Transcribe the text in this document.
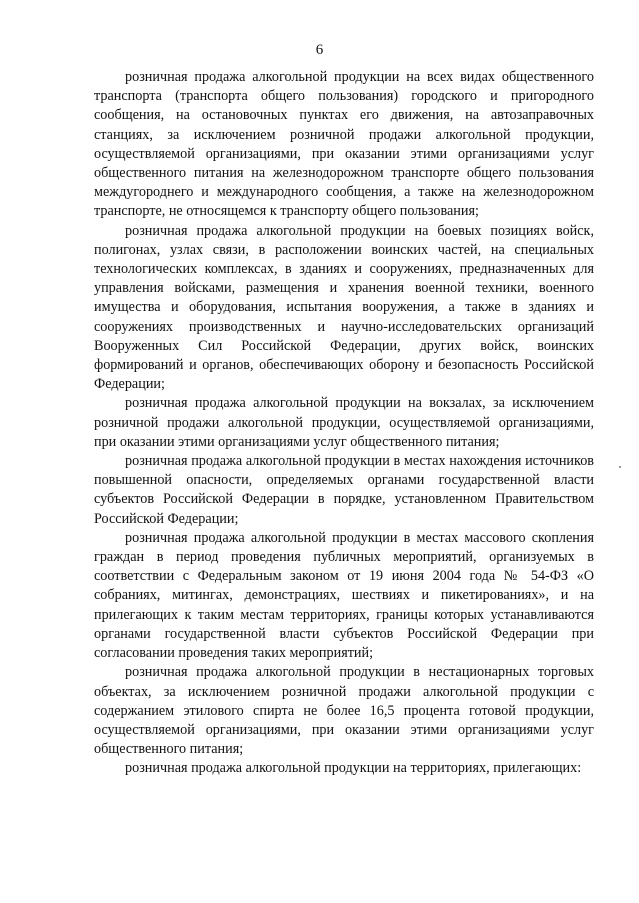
6

розничная продажа алкогольной продукции на всех видах общественного транспорта (транспорта общего пользования) городского и пригородного сообщения, на остановочных пунктах его движения, на автозаправочных станциях, за исключением розничной продажи алкогольной продукции, осуществляемой организациями, при оказании этими организациями услуг общественного питания на железнодорожном транспорте общего пользования междугороднего и международного сообщения, а также на железнодорожном транспорте, не относящемся к транспорту общего пользования;

розничная продажа алкогольной продукции на боевых позициях войск, полигонах, узлах связи, в расположении воинских частей, на специальных технологических комплексах, в зданиях и сооружениях, предназначенных для управления войсками, размещения и хранения военной техники, военного имущества и оборудования, испытания вооружения, а также в зданиях и сооружениях производственных и научно-исследовательских организаций Вооруженных Сил Российской Федерации, других войск, воинских формирований и органов, обеспечивающих оборону и безопасность Российской Федерации;

розничная продажа алкогольной продукции на вокзалах, за исключением розничной продажи алкогольной продукции, осуществляемой организациями, при оказании этими организациями услуг общественного питания;

розничная продажа алкогольной продукции в местах нахождения источников повышенной опасности, определяемых органами государственной власти субъектов Российской Федерации в порядке, установленном Правительством Российской Федерации;

розничная продажа алкогольной продукции в местах массового скопления граждан в период проведения публичных мероприятий, организуемых в соответствии с Федеральным законом от 19 июня 2004 года № 54-ФЗ «О собраниях, митингах, демонстрациях, шествиях и пикетированиях», и на прилегающих к таким местам территориях, границы которых устанавливаются органами государственной власти субъектов Российской Федерации при согласовании проведения таких мероприятий;

розничная продажа алкогольной продукции в нестационарных торговых объектах, за исключением розничной продажи алкогольной продукции с содержанием этилового спирта не более 16,5 процента готовой продукции, осуществляемой организациями, при оказании этими организациями услуг общественного питания;

розничная продажа алкогольной продукции на территориях, прилегающих:
